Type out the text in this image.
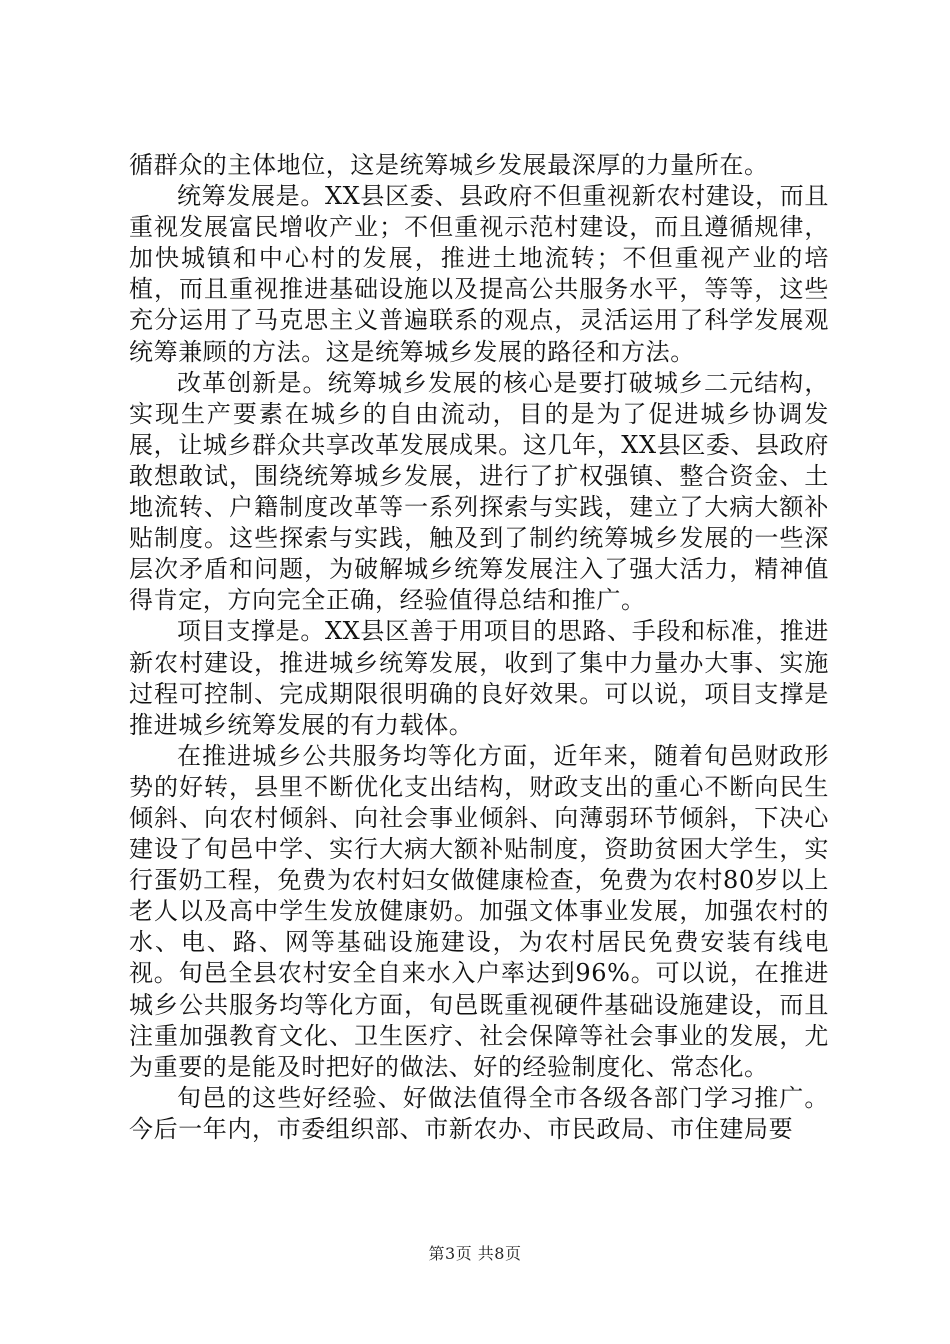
循群众的主体地位，这是统筹城乡发展最深厚的力量所在。

统筹发展是。XX县区委、县政府不但重视新农村建设，而且重视发展富民增收产业；不但重视示范村建设，而且遵循规律，加快城镇和中心村的发展，推进土地流转；不但重视产业的培植，而且重视推进基础设施以及提高公共服务水平，等等，这些充分运用了马克思主义普遍联系的观点，灵活运用了科学发展观统筹兼顾的方法。这是统筹城乡发展的路径和方法。

改革创新是。统筹城乡发展的核心是要打破城乡二元结构，实现生产要素在城乡的自由流动，目的是为了促进城乡协调发展，让城乡群众共享改革发展成果。这几年，XX县区委、县政府敢想敢试，围绕统筹城乡发展，进行了扩权强镇、整合资金、土地流转、户籍制度改革等一系列探索与实践，建立了大病大额补贴制度。这些探索与实践，触及到了制约统筹城乡发展的一些深层次矛盾和问题，为破解城乡统筹发展注入了强大活力，精神值得肯定，方向完全正确，经验值得总结和推广。

项目支撑是。XX县区善于用项目的思路、手段和标准，推进新农村建设，推进城乡统筹发展，收到了集中力量办大事、实施过程可控制、完成期限很明确的良好效果。可以说，项目支撑是推进城乡统筹发展的有力载体。

在推进城乡公共服务均等化方面，近年来，随着旬邑财政形势的好转，县里不断优化支出结构，财政支出的重心不断向民生倾斜、向农村倾斜、向社会事业倾斜、向薄弱环节倾斜，下决心建设了旬邑中学、实行大病大额补贴制度，资助贫困大学生，实行蛋奶工程，免费为农村妇女做健康检查，免费为农村80岁以上老人以及高中学生发放健康奶。加强文体事业发展，加强农村的水、电、路、网等基础设施建设，为农村居民免费安装有线电视。旬邑全县农村安全自来水入户率达到96%。可以说，在推进城乡公共服务均等化方面，旬邑既重视硬件基础设施建设，而且注重加强教育文化、卫生医疗、社会保障等社会事业的发展，尤为重要的是能及时把好的做法、好的经验制度化、常态化。

旬邑的这些好经验、好做法值得全市各级各部门学习推广。今后一年内，市委组织部、市新农办、市民政局、市住建局要

第3页 共8页
